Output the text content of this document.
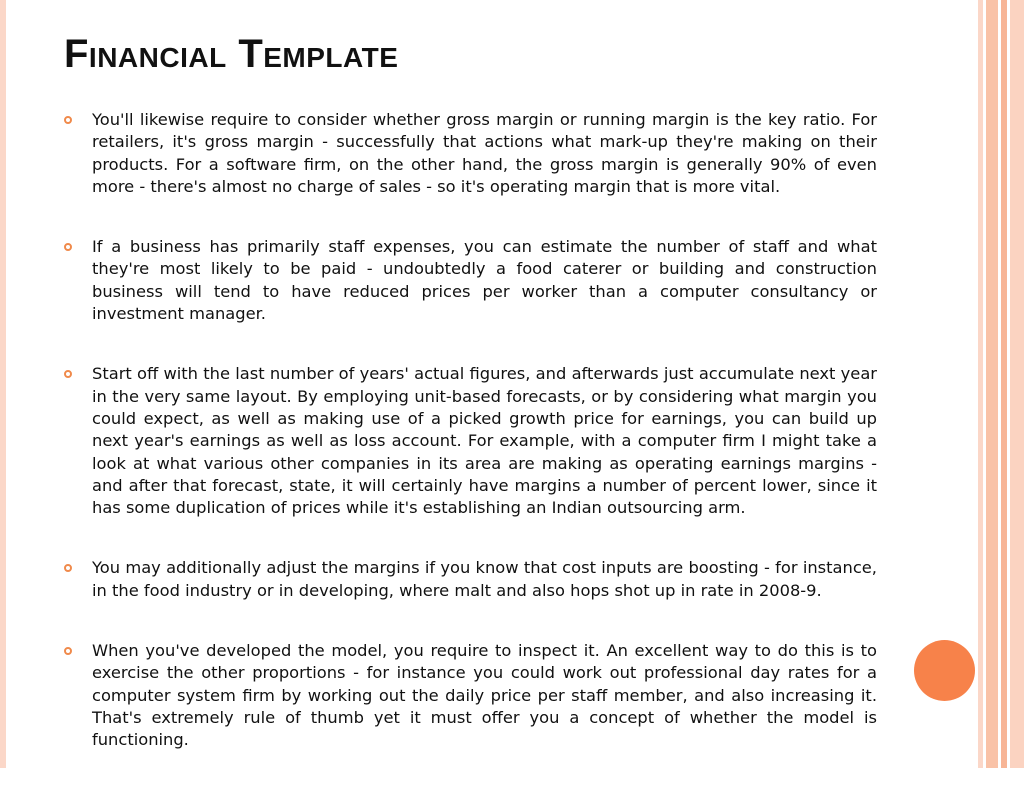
Financial Template
You'll likewise require to consider whether gross margin or running margin is the key ratio. For retailers, it's gross margin - successfully that actions what mark-up they're making on their products. For a software firm, on the other hand, the gross margin is generally 90% of even more - there's almost no charge of sales - so it's operating margin that is more vital.
If a business has primarily staff expenses, you can estimate the number of staff and what they're most likely to be paid - undoubtedly a food caterer or building and construction business will tend to have reduced prices per worker than a computer consultancy or investment manager.
Start off with the last number of years' actual figures, and afterwards just accumulate next year in the very same layout. By employing unit-based forecasts, or by considering what margin you could expect, as well as making use of a picked growth price for earnings, you can build up next year's earnings as well as loss account. For example, with a computer firm I might take a look at what various other companies in its area are making as operating earnings margins - and after that forecast, state, it will certainly have margins a number of percent lower, since it has some duplication of prices while it's establishing an Indian outsourcing arm.
You may additionally adjust the margins if you know that cost inputs are boosting - for instance, in the food industry or in developing, where malt and also hops shot up in rate in 2008-9.
When you've developed the model, you require to inspect it. An excellent way to do this is to exercise the other proportions - for instance you could work out professional day rates for a computer system firm by working out the daily price per staff member, and also increasing it. That's extremely rule of thumb yet it must offer you a concept of whether the model is functioning.
